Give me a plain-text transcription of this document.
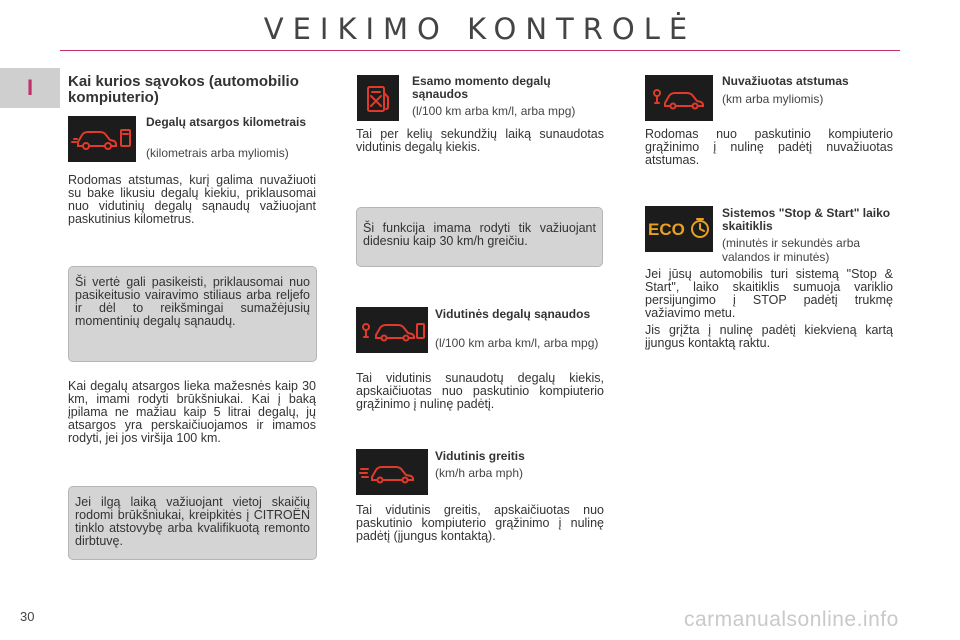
VEIKIMO KONTROLĖ
I	Kai kurios sąvokos (automobilio kompiuterio)
Degalų atsargos kilometrais
(kilometrais arba myliomis)
Rodomas atstumas, kurį galima nuvažiuoti su bake likusiu degalų kiekiu, priklausomai nuo vidutinių degalų sąnaudų važiuojant paskutinius kilometrus.
Ši vertė gali pasikeisti, priklausomai nuo pasikeitusio vairavimo stiliaus arba reljefo ir dėl to reikšmingai sumažėjusių momentinių degalų sąnaudų.
Kai degalų atsargos lieka mažesnės kaip 30 km, imami rodyti brūkšniukai. Kai į baką įpilama ne mažiau kaip 5 litrai degalų, jų atsargos yra perskaičiuojamos ir imamos rodyti, jei jos viršija 100 km.
Jei ilgą laiką važiuojant vietoj skaičių rodomi brūkšniukai, kreipkitės į CITROËN tinklo atstovybę arba kvalifikuotą remonto dirbtuvę.
Esamo momento degalų sąnaudos
(l/100 km arba km/l, arba mpg)
Tai per kelių sekundžių laiką sunaudotas vidutinis degalų kiekis.
Ši funkcija imama rodyti tik važiuojant didesniu kaip 30 km/h greičiu.
Vidutinės degalų sąnaudos
(l/100 km arba km/l, arba mpg)
Tai vidutinis sunaudotų degalų kiekis, apskaičiuotas nuo paskutinio kompiuterio grąžinimo į nulinę padėtį.
Vidutinis greitis
(km/h arba mph)
Tai vidutinis greitis, apskaičiuotas nuo paskutinio kompiuterio grąžinimo į nulinę padėtį (įjungus kontaktą).
Nuvažiuotas atstumas
(km arba myliomis)
Rodomas nuo paskutinio kompiuterio grąžinimo į nulinę padėtį nuvažiuotas atstumas.
ECO
Sistemos "Stop & Start" laiko skaitiklis
(minutės ir sekundės arba valandos ir minutės)
Jei jūsų automobilis turi sistemą "Stop & Start", laiko skaitiklis sumuoja variklio persijungimo į STOP padėtį trukmę važiavimo metu.
Jis grįžta į nulinę padėtį kiekvieną kartą įjungus kontaktą raktu.
30	carmanualsonline.info
